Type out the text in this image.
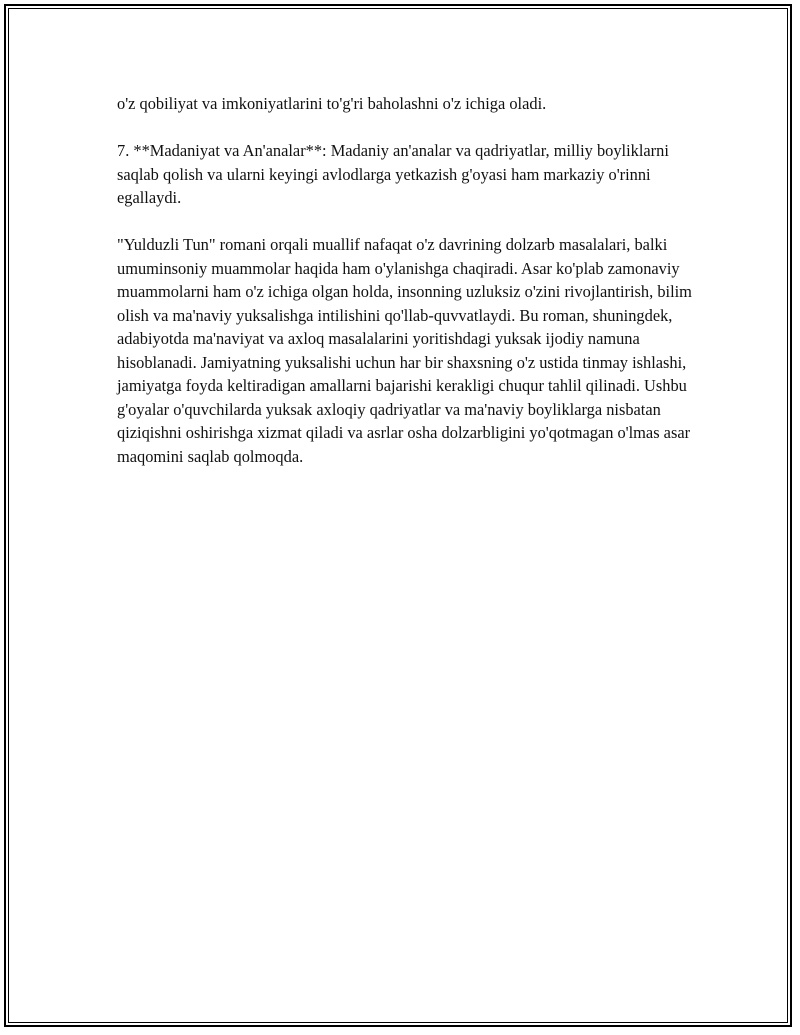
o'z qobiliyat va imkoniyatlarini to'g'ri baholashni o'z ichiga oladi.

7. **Madaniyat va An'analar**: Madaniy an'analar va qadriyatlar, milliy boyliklarni saqlab qolish va ularni keyingi avlodlarga yetkazish g'oyasi ham markaziy o'rinni egallaydi.

"Yulduzli Tun" romani orqali muallif nafaqat o'z davrining dolzarb masalalari, balki umuminsoniy muammolar haqida ham o'ylanishga chaqiradi. Asar ko'plab zamonaviy muammolarni ham o'z ichiga olgan holda, insonning uzluksiz o'zini rivojlantirish, bilim olish va ma'naviy yuksalishga intilishini qo'llab-quvvatlaydi. Bu roman, shuningdek, adabiyotda ma'naviyat va axloq masalalarini yoritishdagi yuksak ijodiy namuna hisoblanadi. Jamiyatning yuksalishi uchun har bir shaxsning o'z ustida tinmay ishlashi, jamiyatga foyda keltiradigan amallarni bajarishi kerakligi chuqur tahlil qilinadi. Ushbu g'oyalar o'quvchilarda yuksak axloqiy qadriyatlar va ma'naviy boyliklarga nisbatan qiziqishni oshirishga xizmat qiladi va asrlar osha dolzarbligini yo'qotmagan o'lmas asar maqomini saqlab qolmoqda.
